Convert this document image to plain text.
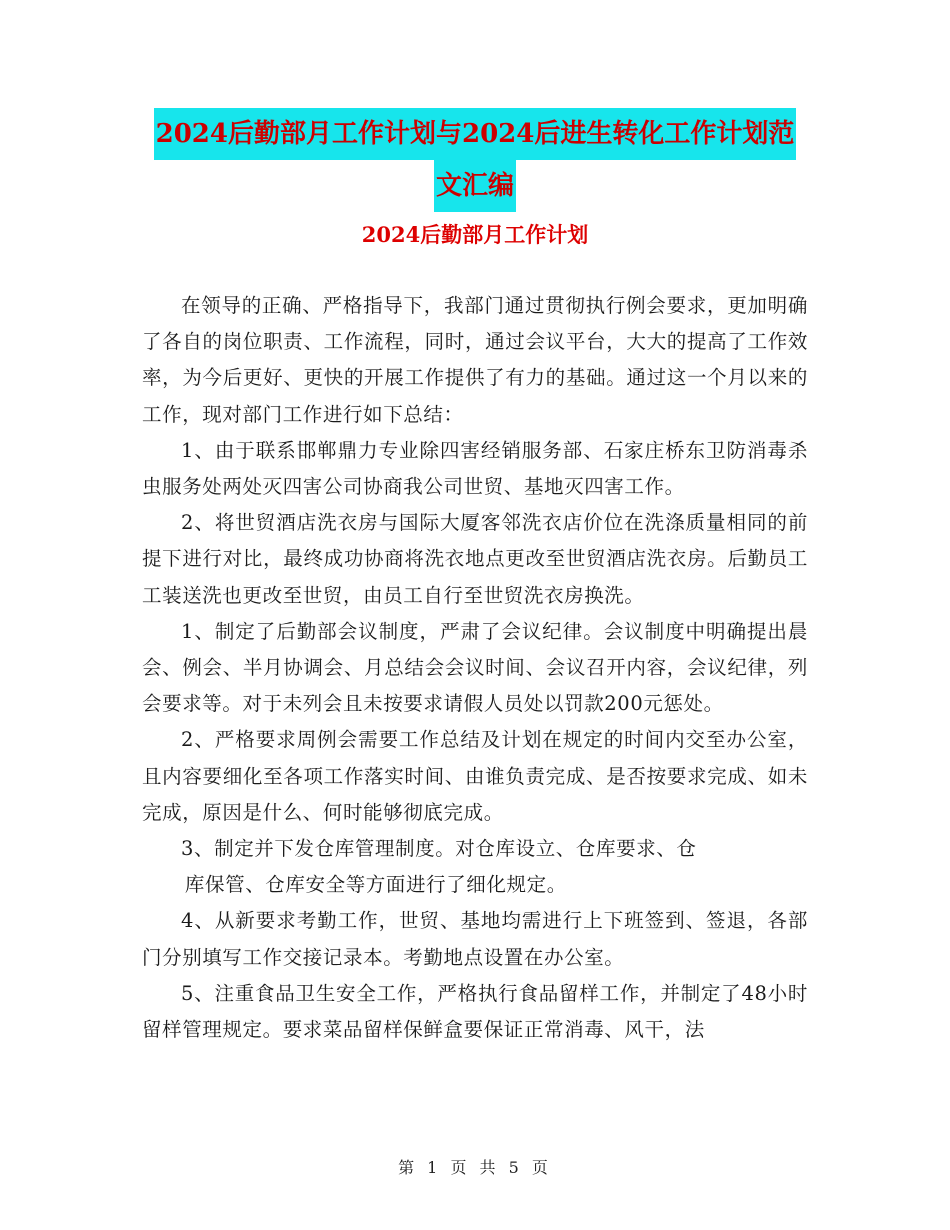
2024后勤部月工作计划与2024后进生转化工作计划范
文汇编
2024后勤部月工作计划

在领导的正确、严格指导下，我部门通过贯彻执行例会要求，更加明确了各自的岗位职责、工作流程，同时，通过会议平台，大大的提高了工作效率，为今后更好、更快的开展工作提供了有力的基础。通过这一个月以来的工作，现对部门工作进行如下总结：

1、由于联系邯郸鼎力专业除四害经销服务部、石家庄桥东卫防消毒杀虫服务处两处灭四害公司协商我公司世贸、基地灭四害工作。

2、将世贸酒店洗衣房与国际大厦客邻洗衣店价位在洗涤质量相同的前提下进行对比，最终成功协商将洗衣地点更改至世贸酒店洗衣房。后勤员工工装送洗也更改至世贸，由员工自行至世贸洗衣房换洗。

1、制定了后勤部会议制度，严肃了会议纪律。会议制度中明确提出晨会、例会、半月协调会、月总结会会议时间、会议召开内容，会议纪律，列会要求等。对于未列会且未按要求请假人员处以罚款200元惩处。

2、严格要求周例会需要工作总结及计划在规定的时间内交至办公室，且内容要细化至各项工作落实时间、由谁负责完成、是否按要求完成、如未完成，原因是什么、何时能够彻底完成。

3、制定并下发仓库管理制度。对仓库设立、仓库要求、仓

库保管、仓库安全等方面进行了细化规定。

4、从新要求考勤工作，世贸、基地均需进行上下班签到、签退，各部门分别填写工作交接记录本。考勤地点设置在办公室。

5、注重食品卫生安全工作，严格执行食品留样工作，并制定了48小时留样管理规定。要求菜品留样保鲜盒要保证正常消毒、风干，法

第 1 页 共 5 页
